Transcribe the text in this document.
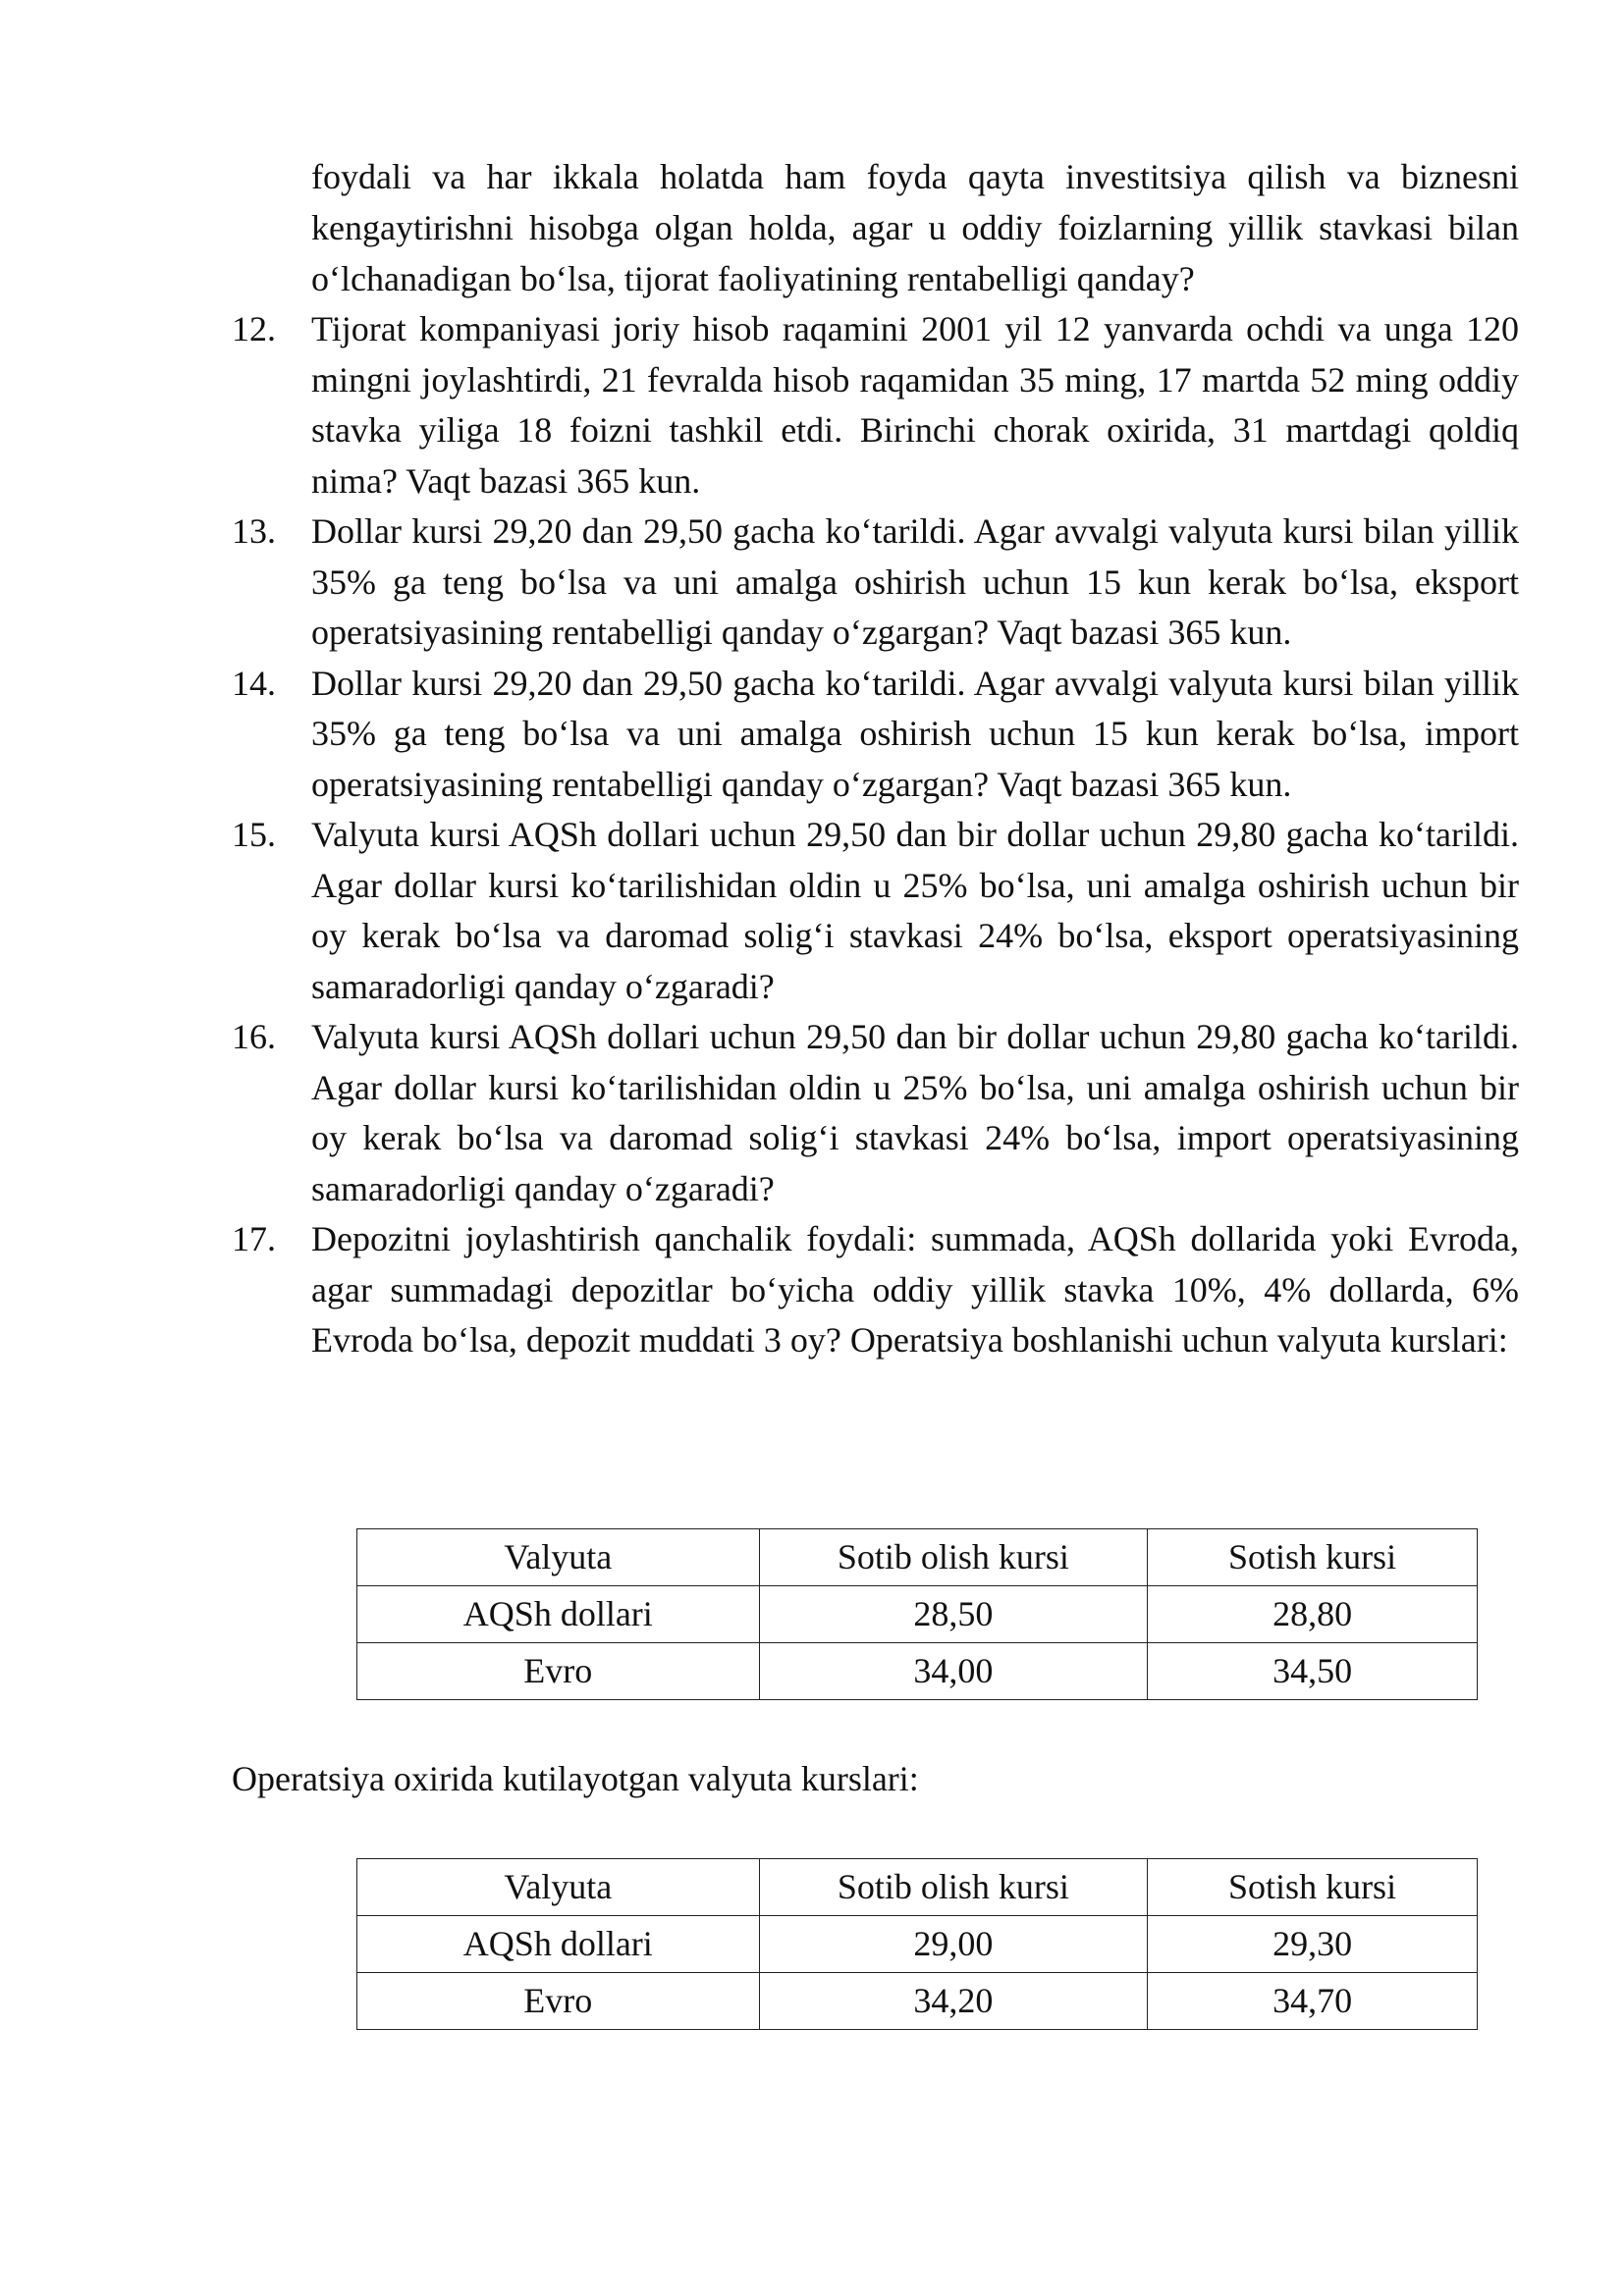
foydali va har ikkala holatda ham foyda qayta investitsiya qilish va biznesni kengaytirishni hisobga olgan holda, agar u oddiy foizlarning yillik stavkasi bilan o‘lchanadigan bo‘lsa, tijorat faoliyatining rentabelligi qanday?

12.	Tijorat kompaniyasi joriy hisob raqamini 2001 yil 12 yanvarda ochdi va unga 120 mingni joylashtirdi, 21 fevralda hisob raqamidan 35 ming, 17 martda 52 ming oddiy stavka yiliga 18 foizni tashkil etdi. Birinchi chorak oxirida, 31 martdagi qoldiq nima? Vaqt bazasi 365 kun.
13.	Dollar kursi 29,20 dan 29,50 gacha ko‘tarildi. Agar avvalgi valyuta kursi bilan yillik 35% ga teng bo‘lsa va uni amalga oshirish uchun 15 kun kerak bo‘lsa, eksport operatsiyasining rentabelligi qanday o‘zgargan? Vaqt bazasi 365 kun.
14.	Dollar kursi 29,20 dan 29,50 gacha ko‘tarildi. Agar avvalgi valyuta kursi bilan yillik 35% ga teng bo‘lsa va uni amalga oshirish uchun 15 kun kerak bo‘lsa, import operatsiyasining rentabelligi qanday o‘zgargan? Vaqt bazasi 365 kun.
15.	Valyuta kursi AQSh dollari uchun 29,50 dan bir dollar uchun 29,80 gacha ko‘tarildi. Agar dollar kursi ko‘tarilishidan oldin u 25% bo‘lsa, uni amalga oshirish uchun bir oy kerak bo‘lsa va daromad solig‘i stavkasi 24% bo‘lsa, eksport operatsiyasining samaradorligi qanday o‘zgaradi?
16.	Valyuta kursi AQSh dollari uchun 29,50 dan bir dollar uchun 29,80 gacha ko‘tarildi. Agar dollar kursi ko‘tarilishidan oldin u 25% bo‘lsa, uni amalga oshirish uchun bir oy kerak bo‘lsa va daromad solig‘i stavkasi 24% bo‘lsa, import operatsiyasining samaradorligi qanday o‘zgaradi?
17.	Depozitni joylashtirish qanchalik foydali: summada, AQSh dollarida yoki Evroda, agar summadagi depozitlar bo‘yicha oddiy yillik stavka 10%, 4% dollarda, 6% Evroda bo‘lsa, depozit muddati 3 oy? Operatsiya boshlanishi uchun valyuta kurslari:
Valyuta	Sotib olish kursi	Sotish kursi
AQSh dollari	28,50	28,80
Evro	34,00	34,50

Operatsiya oxirida kutilayotgan valyuta kurslari:

Valyuta	Sotib olish kursi	Sotish kursi
AQSh dollari	29,00	29,30
Evro	34,20	34,70
